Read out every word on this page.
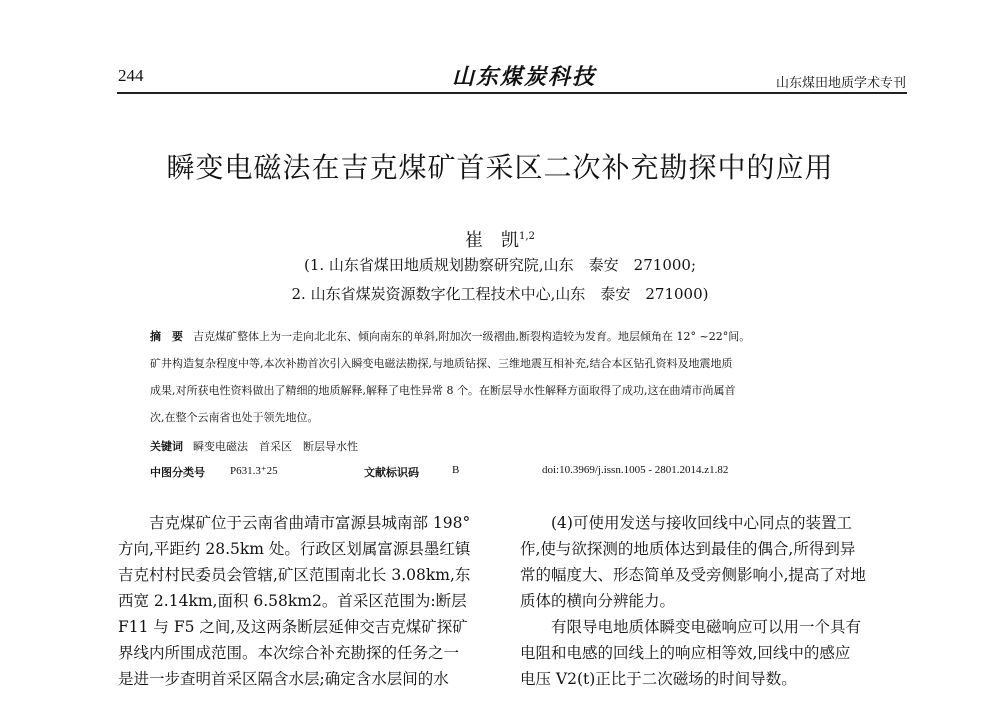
244	山东煤炭科技	山东煤田地质学术专刊
瞬变电磁法在吉克煤矿首采区二次补充勘探中的应用
崔　凯$^{1,2}$
(1. 山东省煤田地质规划勘察研究院,山东　泰安　271000;
2. 山东省煤炭资源数字化工程技术中心,山东　泰安　271000)
摘　要 吉克煤矿整体上为一走向北北东、倾向南东的单斜,附加次一级褶曲,断裂构造较为发育。地层倾角在 12° ~22°间。
矿井构造复杂程度中等,本次补勘首次引入瞬变电磁法勘探,与地质钻探、三维地震互相补充,结合本区钻孔资料及地震地质
成果,对所获电性资料做出了精细的地质解释,解释了电性异常 8 个。在断层导水性解释方面取得了成功,这在曲靖市尚属首
次,在整个云南省也处于领先地位。
关键词 瞬变电磁法　首采区　断层导水性
中图分类号 P631.3⁺25	文献标识码	B	doi:10.3969/j.issn.1005 - 2801.2014.z1.82

　　吉克煤矿位于云南省曲靖市富源县城南部 198°

方向,平距约 28.5km 处。行政区划属富源县墨红镇

吉克村村民委员会管辖,矿区范围南北长 3.08km,东

西宽 2.14km,面积 6.58km2。首采区范围为:断层

F11 与 F5 之间,及这两条断层延伸交吉克煤矿探矿

界线内所围成范围。本次综合补充勘探的任务之一

是进一步查明首采区隔含水层;确定含水层间的水

　　(4)可使用发送与接收回线中心同点的装置工

作,使与欲探测的地质体达到最佳的偶合,所得到异

常的幅度大、形态简单及受旁侧影响小,提高了对地

质体的横向分辨能力。

　　有限导电地质体瞬变电磁响应可以用一个具有

电阻和电感的回线上的响应相等效,回线中的感应

电压 V2(t)正比于二次磁场的时间导数。
